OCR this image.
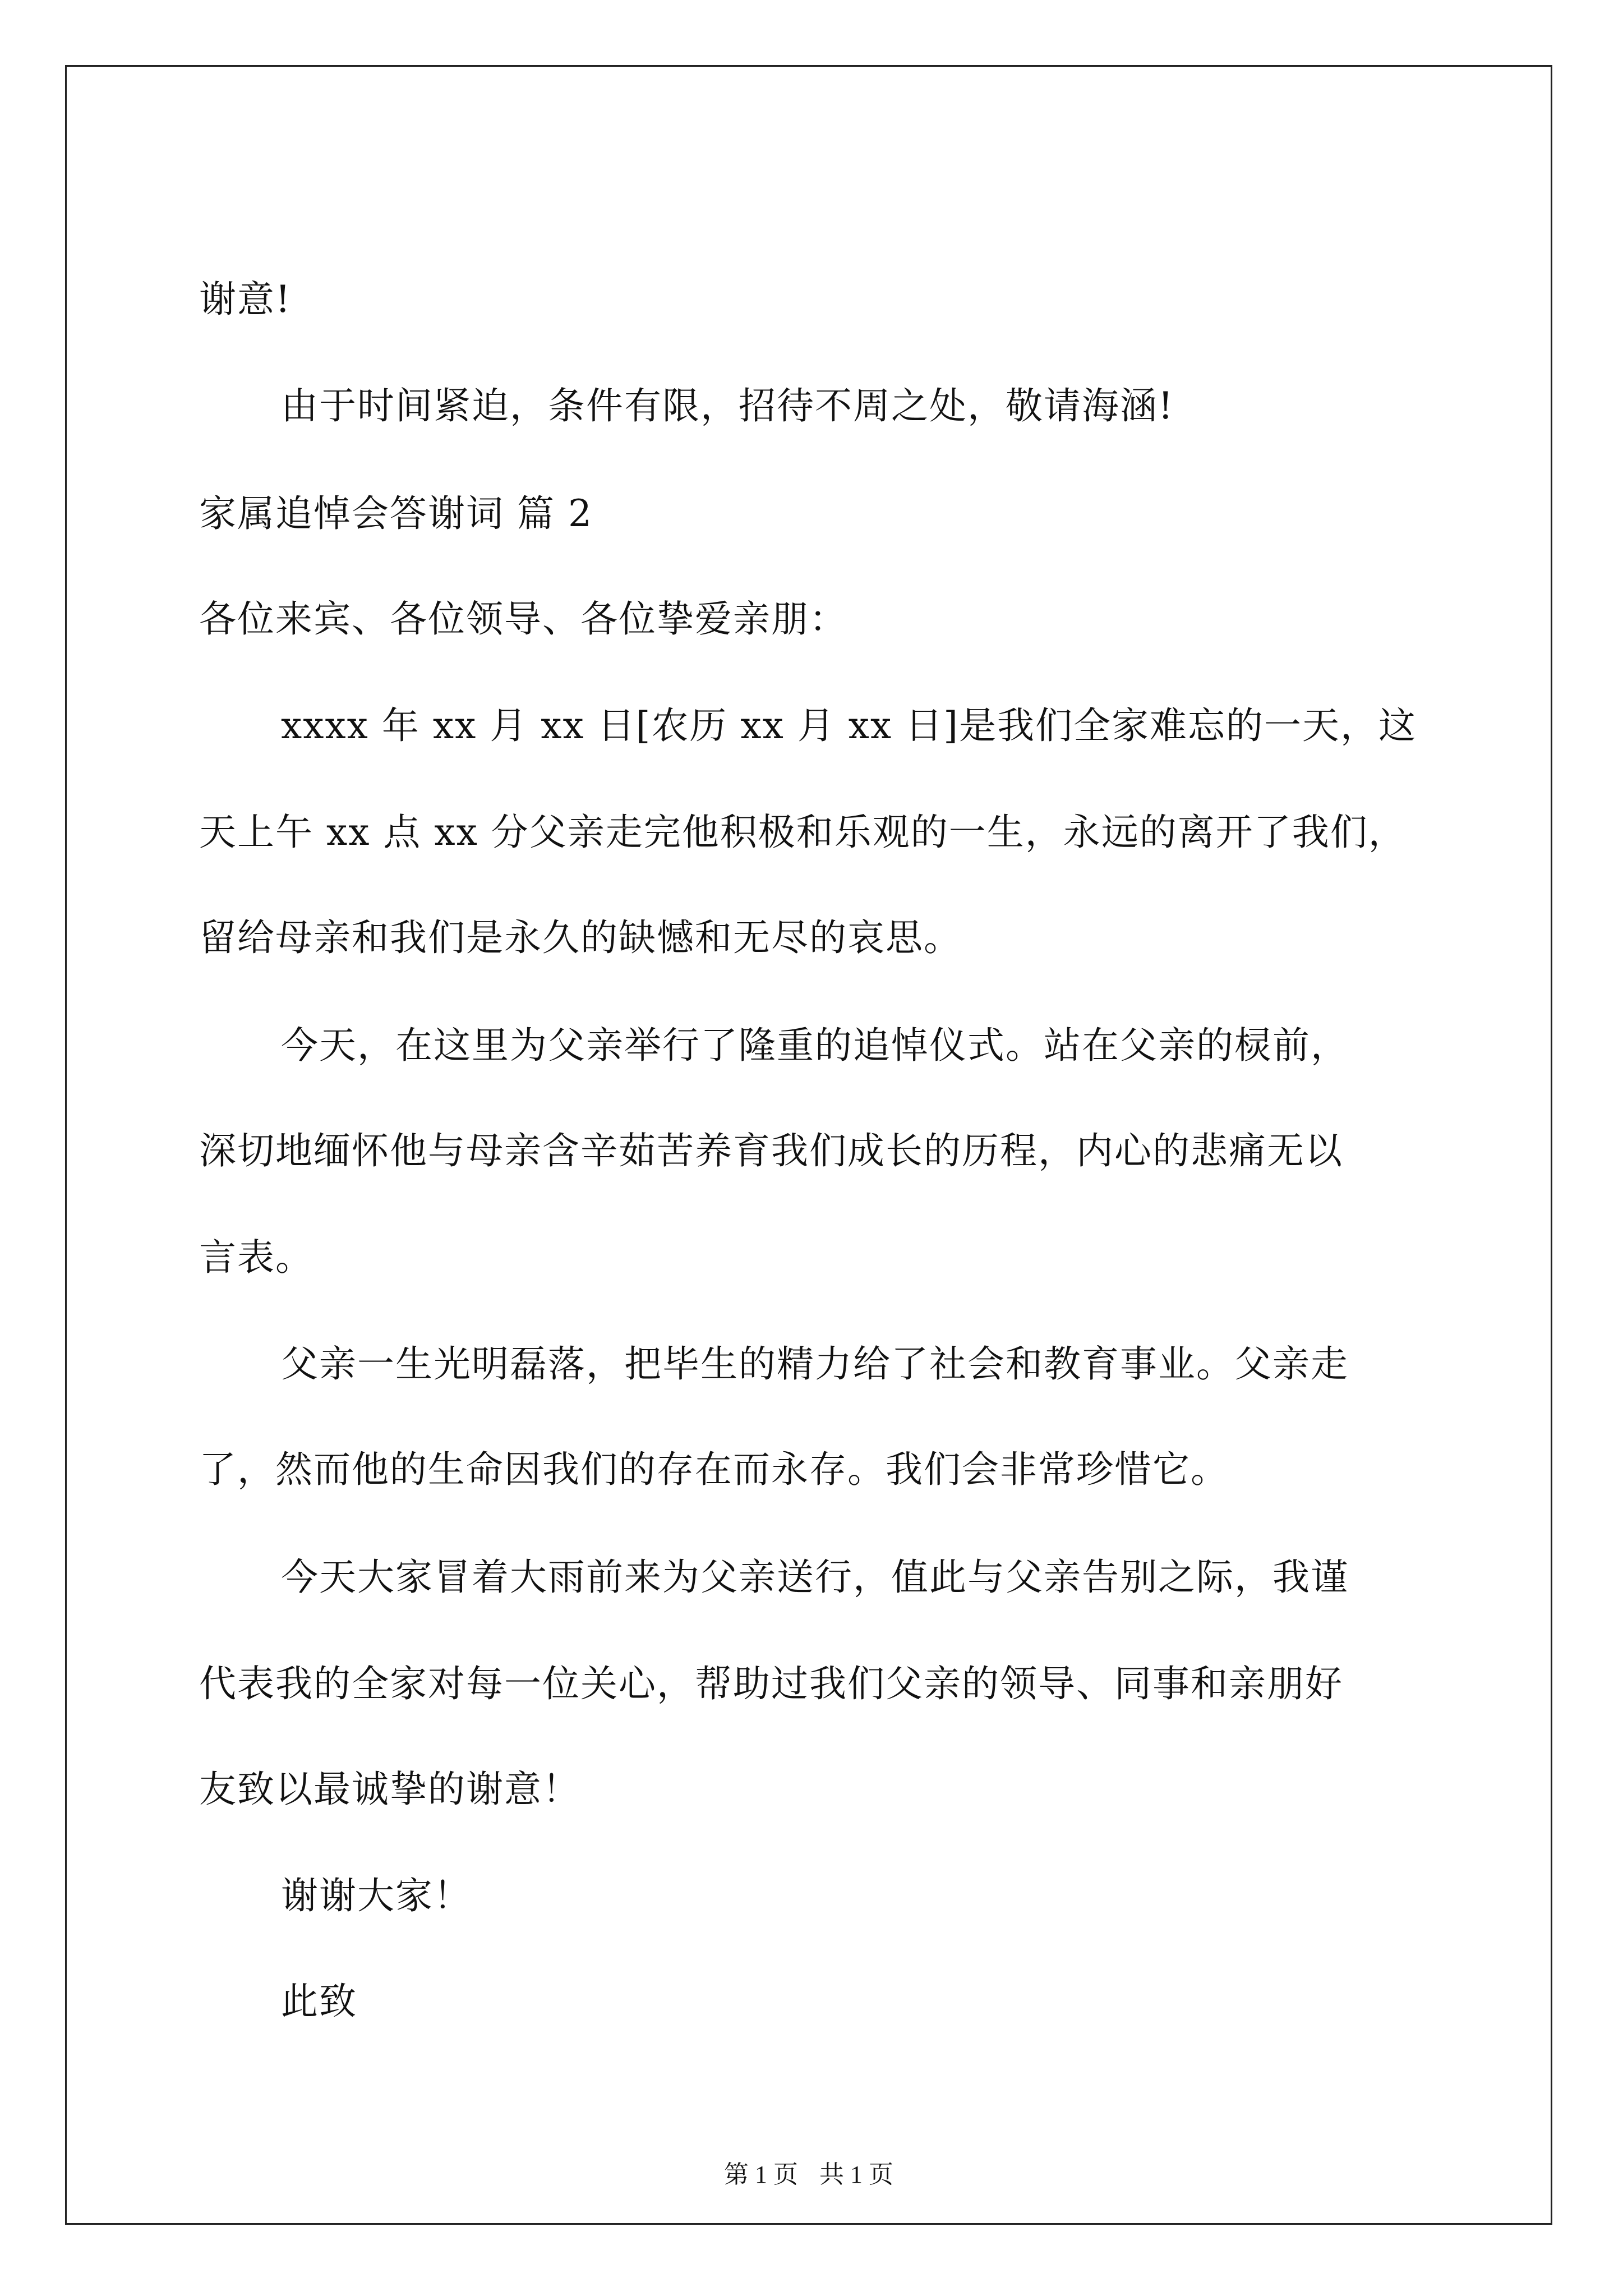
谢意!
由于时间紧迫，条件有限，招待不周之处，敬请海涵!
家属追悼会答谢词 篇 2
各位来宾、各位领导、各位挚爱亲朋：
xxxx 年 xx 月 xx 日[农历 xx 月 xx 日]是我们全家难忘的一天，这
天上午 xx 点 xx 分父亲走完他积极和乐观的一生，永远的离开了我们，
留给母亲和我们是永久的缺憾和无尽的哀思。
今天，在这里为父亲举行了隆重的追悼仪式。站在父亲的棂前，
深切地缅怀他与母亲含辛茹苦养育我们成长的历程，内心的悲痛无以
言表。
父亲一生光明磊落，把毕生的精力给了社会和教育事业。父亲走
了，然而他的生命因我们的存在而永存。我们会非常珍惜它。
今天大家冒着大雨前来为父亲送行，值此与父亲告别之际，我谨
代表我的全家对每一位关心，帮助过我们父亲的领导、同事和亲朋好
友致以最诚挚的谢意！
谢谢大家！
此致
第 1 页 共 1 页
